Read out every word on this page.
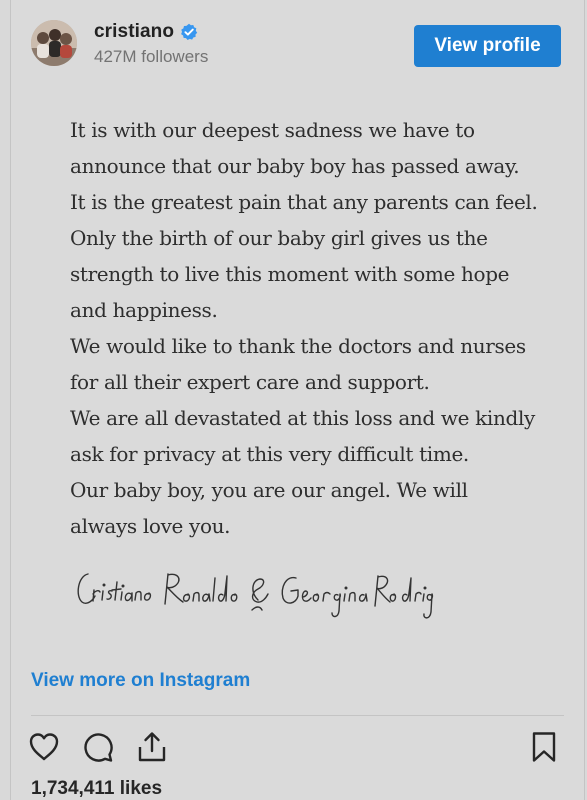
cristiano
427M followers
View profile
It is with our deepest sadness we have to
announce that our baby boy has passed away.
It is the greatest pain that any parents can feel.
Only the birth of our baby girl gives us the
strength to live this moment with some hope
and happiness.
We would like to thank the doctors and nurses
for all their expert care and support.
We are all devastated at this loss and we kindly
ask for privacy at this very difficult time.
Our baby boy, you are our angel. We will
always love you.
View more on Instagram
1,734,411 likes
